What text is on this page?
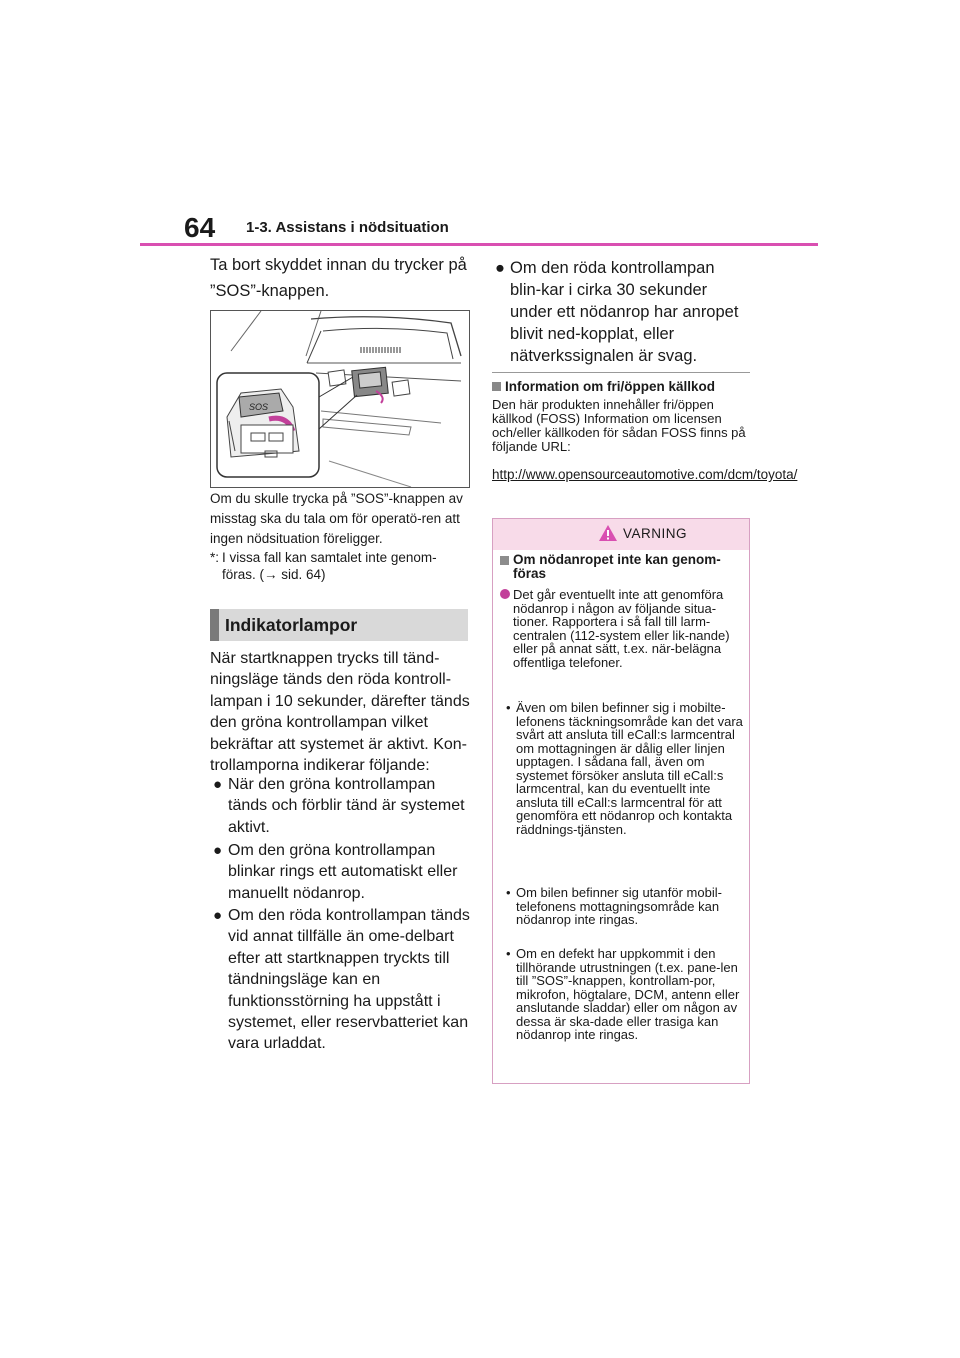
64 1-3. Assistans i nödsituation
Ta bort skyddet innan du trycker på ”SOS”-knappen.
SOS
Om du skulle trycka på ”SOS”-knappen av misstag ska du tala om för operatö-ren att ingen nödsituation föreligger.
*: I vissa fall kan samtalet inte genom-föras. (→ sid. 64)
Indikatorlampor
När startknappen trycks till tänd-ningsläge tänds den röda kontroll-lampan i 10 sekunder, därefter tänds den gröna kontrollampan vilket bekräftar att systemet är aktivt. Kon-trollamporna indikerar följande:
● När den gröna kontrollampan tänds och förblir tänd är systemet aktivt.
● Om den gröna kontrollampan blinkar rings ett automatiskt eller manuellt nödanrop.
● Om den röda kontrollampan tänds vid annat tillfälle än ome-delbart efter att startknappen tryckts till tändningsläge kan en funktionsstörning ha uppstått i systemet, eller reservbatteriet kan vara urladdat.
● Om den röda kontrollampan blin-kar i cirka 30 sekunder under ett nödanrop har anropet blivit ned-kopplat, eller nätverkssignalen är svag.
Information om fri/öppen källkod
Den här produkten innehåller fri/öppen källkod (FOSS) Information om licensen och/eller källkoden för sådan FOSS finns på följande URL:
http://www.opensourceautomotive.com/dcm/toyota/
VARNING
Om nödanropet inte kan genom-föras
Det går eventuellt inte att genomföra nödanrop i någon av följande situa-tioner. Rapportera i så fall till larm-centralen (112-system eller lik-nande) eller på annat sätt, t.ex. när-belägna offentliga telefoner.
• Även om bilen befinner sig i mobilte-lefonens täckningsområde kan det vara svårt att ansluta till eCall:s larmcentral om mottagningen är dålig eller linjen upptagen. I sådana fall, även om systemet försöker ansluta till eCall:s larmcentral, kan du eventuellt inte ansluta till eCall:s larmcentral för att genomföra ett nödanrop och kontakta räddnings-tjänsten.
• Om bilen befinner sig utanför mobil-telefonens mottagningsområde kan nödanrop inte ringas.
• Om en defekt har uppkommit i den tillhörande utrustningen (t.ex. pane-len till ”SOS”-knappen, kontrollam-por, mikrofon, högtalare, DCM, antenn eller anslutande sladdar) eller om någon av dessa är ska-dade eller trasiga kan nödanrop inte ringas.
